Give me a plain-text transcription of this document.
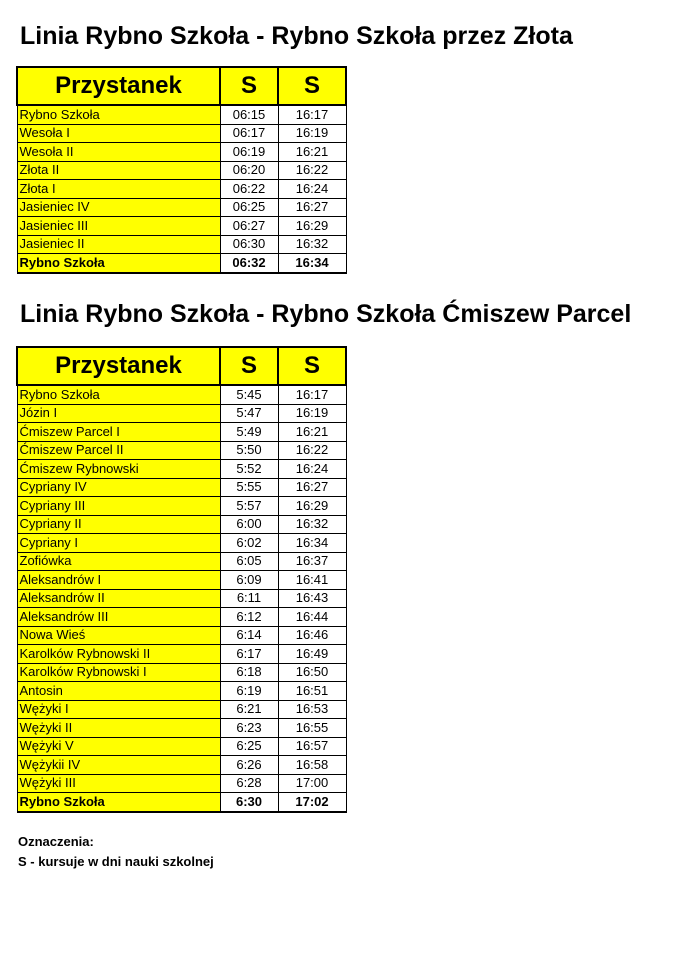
Linia Rybno Szkoła - Rybno Szkoła przez Złota
Przystanek	S	S
Rybno Szkoła	06:15	16:17
Wesoła I	06:17	16:19
Wesoła II	06:19	16:21
Złota II	06:20	16:22
Złota I	06:22	16:24
Jasieniec IV	06:25	16:27
Jasieniec III	06:27	16:29
Jasieniec II	06:30	16:32
Rybno Szkoła	06:32	16:34
Linia Rybno Szkoła - Rybno Szkoła Ćmiszew Parcel
Przystanek	S	S
Rybno Szkoła	5:45	16:17
Józin I	5:47	16:19
Ćmiszew Parcel I	5:49	16:21
Ćmiszew Parcel II	5:50	16:22
Ćmiszew Rybnowski	5:52	16:24
Cypriany IV	5:55	16:27
Cypriany III	5:57	16:29
Cypriany II	6:00	16:32
Cypriany I	6:02	16:34
Zofiówka	6:05	16:37
Aleksandrów I	6:09	16:41
Aleksandrów II	6:11	16:43
Aleksandrów III	6:12	16:44
Nowa Wieś	6:14	16:46
Karolków Rybnowski II	6:17	16:49
Karolków Rybnowski I	6:18	16:50
Antosin	6:19	16:51
Wężyki I	6:21	16:53
Wężyki II	6:23	16:55
Wężyki V	6:25	16:57
Wężykii IV	6:26	16:58
Wężyki III	6:28	17:00
Rybno Szkoła	6:30	17:02
Oznaczenia:
S - kursuje w dni nauki szkolnej
